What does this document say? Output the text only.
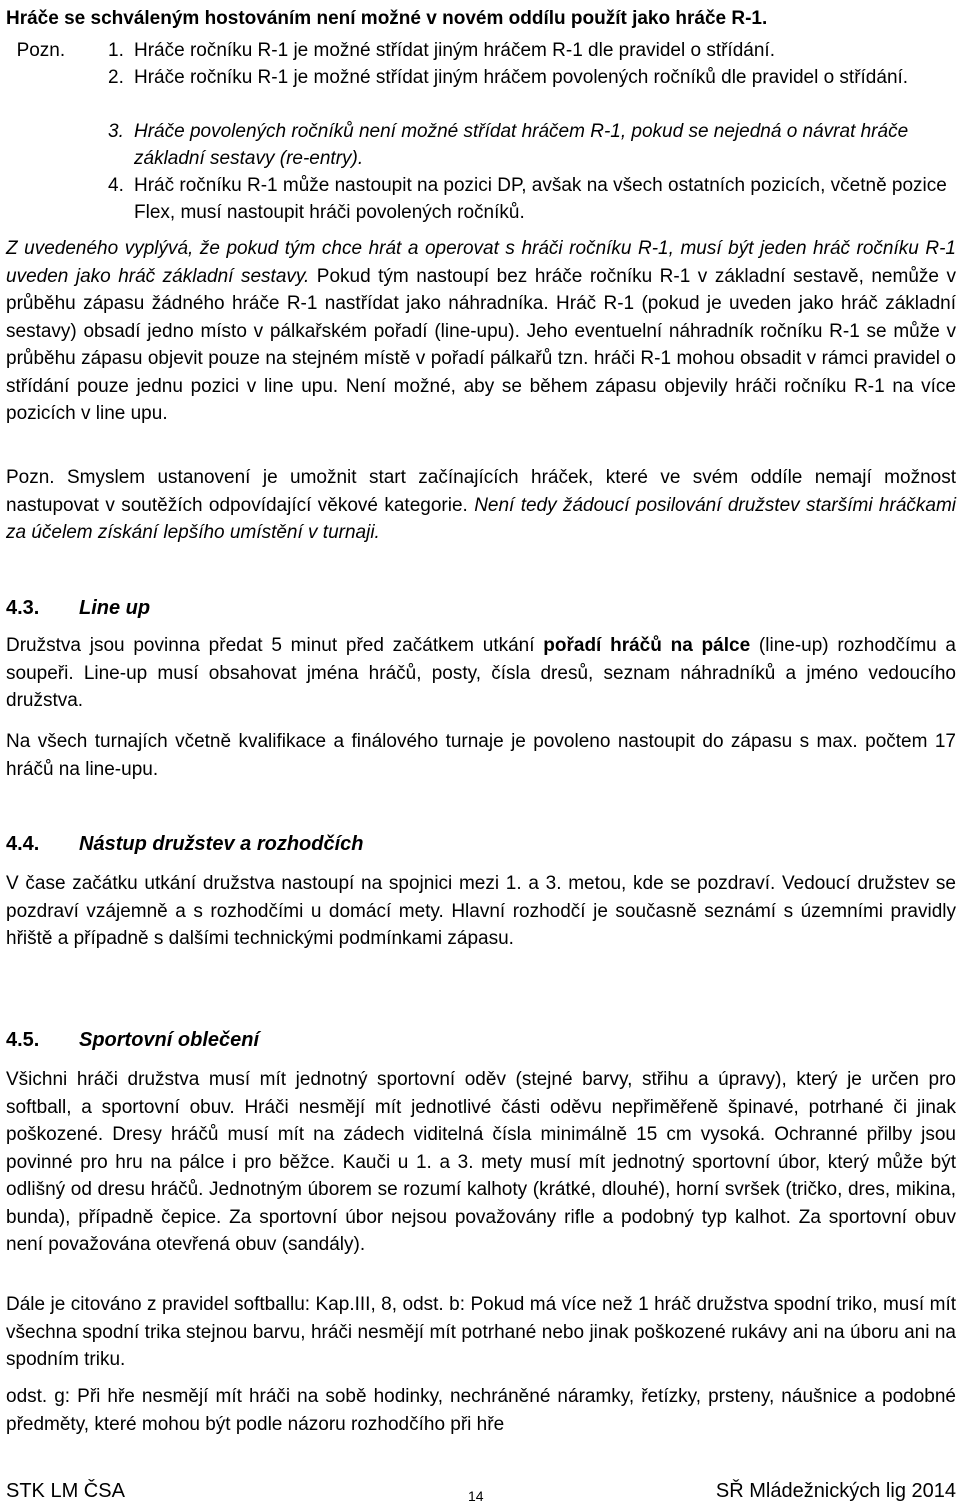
Hráče se schváleným hostováním není možné v novém oddílu použít jako hráče R-1.
Pozn. 1. Hráče ročníku R-1 je možné střídat jiným hráčem R-1 dle pravidel o střídání.
2. Hráče ročníku R-1 je možné střídat jiným hráčem povolených ročníků dle pravidel o střídání.
3. Hráče povolených ročníků není možné střídat hráčem R-1, pokud se nejedná o návrat hráče základní sestavy (re-entry).
4. Hráč ročníku R-1 může nastoupit na pozici DP, avšak na všech ostatních pozicích, včetně pozice Flex, musí nastoupit hráči povolených ročníků.
Z uvedeného vyplývá, že pokud tým chce hrát a operovat s hráči ročníku R-1, musí být jeden hráč ročníku R-1 uveden jako hráč základní sestavy. Pokud tým nastoupí bez hráče ročníku R-1 v základní sestavě, nemůže v průběhu zápasu žádného hráče R-1 nastřídat jako náhradníka. Hráč R-1 (pokud je uveden jako hráč základní sestavy) obsadí jedno místo v pálkařském pořadí (line-upu). Jeho eventuelní náhradník ročníku R-1 se může v průběhu zápasu objevit pouze na stejném místě v pořadí pálkařů tzn. hráči R-1 mohou obsadit v rámci pravidel o střídání pouze jednu pozici v line upu. Není možné, aby se během zápasu objevily hráči ročníku R-1 na více pozicích v line upu.
Pozn. Smyslem ustanovení je umožnit start začínajících hráček, které ve svém oddíle nemají možnost nastupovat v soutěžích odpovídající věkové kategorie. Není tedy žádoucí posilování družstev staršími hráčkami za účelem získání lepšího umístění v turnaji.
4.3. Line up
Družstva jsou povinna předat 5 minut před začátkem utkání pořadí hráčů na pálce (line-up) rozhodčímu a soupeři. Line-up musí obsahovat jména hráčů, posty, čísla dresů, seznam náhradníků a jméno vedoucího družstva.
Na všech turnajích včetně kvalifikace a finálového turnaje je povoleno nastoupit do zápasu s max. počtem 17 hráčů na line-upu.
4.4. Nástup družstev a rozhodčích
V čase začátku utkání družstva nastoupí na spojnici mezi 1. a 3. metou, kde se pozdraví. Vedoucí družstev se pozdraví vzájemně a s rozhodčími u domácí mety. Hlavní rozhodčí je současně seznámí s územními pravidly hřiště a případně s dalšími technickými podmínkami zápasu.
4.5. Sportovní oblečení
Všichni hráči družstva musí mít jednotný sportovní oděv (stejné barvy, střihu a úpravy), který je určen pro softball, a sportovní obuv. Hráči nesmějí mít jednotlivé části oděvu nepřiměřeně špinavé, potrhané či jinak poškozené. Dresy hráčů musí mít na zádech viditelná čísla minimálně 15 cm vysoká. Ochranné přilby jsou povinné pro hru na pálce i pro běžce. Kauči u 1. a 3. mety musí mít jednotný sportovní úbor, který může být odlišný od dresu hráčů. Jednotným úborem se rozumí kalhoty (krátké, dlouhé), horní svršek (tričko, dres, mikina, bunda), případně čepice. Za sportovní úbor nejsou považovány rifle a podobný typ kalhot. Za sportovní obuv není považována otevřená obuv (sandály).
Dále je citováno z pravidel softballu: Kap.III, 8, odst. b: Pokud má více než 1 hráč družstva spodní triko, musí mít všechna spodní trika stejnou barvu, hráči nesmějí mít potrhané nebo jinak poškozené rukávy ani na úboru ani na spodním triku.
odst. g: Při hře nesmějí mít hráči na sobě hodinky, nechráněné náramky, řetízky, prsteny, náušnice a podobné předměty, které mohou být podle názoru rozhodčího při hře
STK LM ČSA	14	SŘ Mládežnických lig 2014
